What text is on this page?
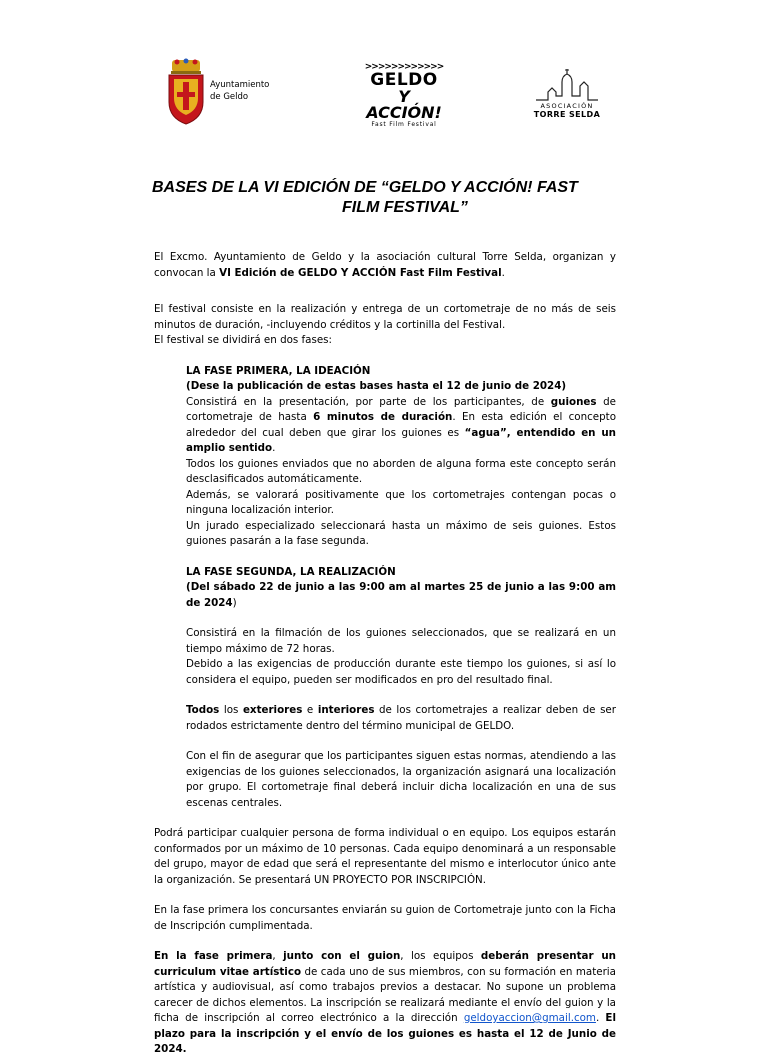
Ayuntamiento
de Geldo
>>>>>>>>>>>>
GELDO
Y ACCIÓN!
Fast Film Festival
ASOCIACIÓN
TORRE SELDA
BASES DE LA VI EDICIÓN DE “GELDO Y ACCIÓN! FAST
FILM FESTIVAL”

El Excmo. Ayuntamiento de Geldo y la asociación cultural Torre Selda, organizan y convocan la VI Edición de GELDO Y ACCIÓN Fast Film Festival.

El festival consiste en la realización y entrega de un cortometraje de no más de seis minutos de duración, -incluyendo créditos y la cortinilla del Festival.

El festival se dividirá en dos fases:

LA FASE PRIMERA, LA IDEACIÓN

(Dese la publicación de estas bases hasta el 12 de junio de 2024)

Consistirá en la presentación, por parte de los participantes, de guiones de cortometraje de hasta 6 minutos de duración. En esta edición el concepto alrededor del cual deben que girar los guiones es “agua”, entendido en un amplio sentido.

Todos los guiones enviados que no aborden de alguna forma este concepto serán desclasificados automáticamente.

Además, se valorará positivamente que los cortometrajes contengan pocas o ninguna localización interior.

Un jurado especializado seleccionará hasta un máximo de seis guiones. Estos guiones pasarán a la fase segunda.

LA FASE SEGUNDA, LA REALIZACIÓN

(Del sábado 22 de junio a las 9:00 am al martes 25 de junio a las 9:00 am de 2024)

Consistirá en la filmación de los guiones seleccionados, que se realizará en un tiempo máximo de 72 horas.

Debido a las exigencias de producción durante este tiempo los guiones, si así lo considera el equipo, pueden ser modificados en pro del resultado final.

Todos los exteriores e interiores de los cortometrajes a realizar deben de ser rodados estrictamente dentro del término municipal de GELDO.

Con el fin de asegurar que los participantes siguen estas normas, atendiendo a las exigencias de los guiones seleccionados, la organización asignará una localización por grupo. El cortometraje final deberá incluir dicha localización en una de sus escenas centrales.

Podrá participar cualquier persona de forma individual o en equipo. Los equipos estarán conformados por un máximo de 10 personas. Cada equipo denominará a un responsable del grupo, mayor de edad que será el representante del mismo e interlocutor único ante la organización. Se presentará UN PROYECTO POR INSCRIPCIÓN.

En la fase primera los concursantes enviarán su guion de Cortometraje junto con la Ficha de Inscripción cumplimentada.

En la fase primera, junto con el guion, los equipos deberán presentar un curriculum vitae artístico de cada uno de sus miembros, con su formación en materia artística y audiovisual, así como trabajos previos a destacar. No supone un problema carecer de dichos elementos. La inscripción se realizará mediante el envío del guion y la ficha de inscripción al correo electrónico a la dirección geldoyaccion@gmail.com. El plazo para la inscripción y el envío de los guiones es hasta el 12 de Junio de 2024.
